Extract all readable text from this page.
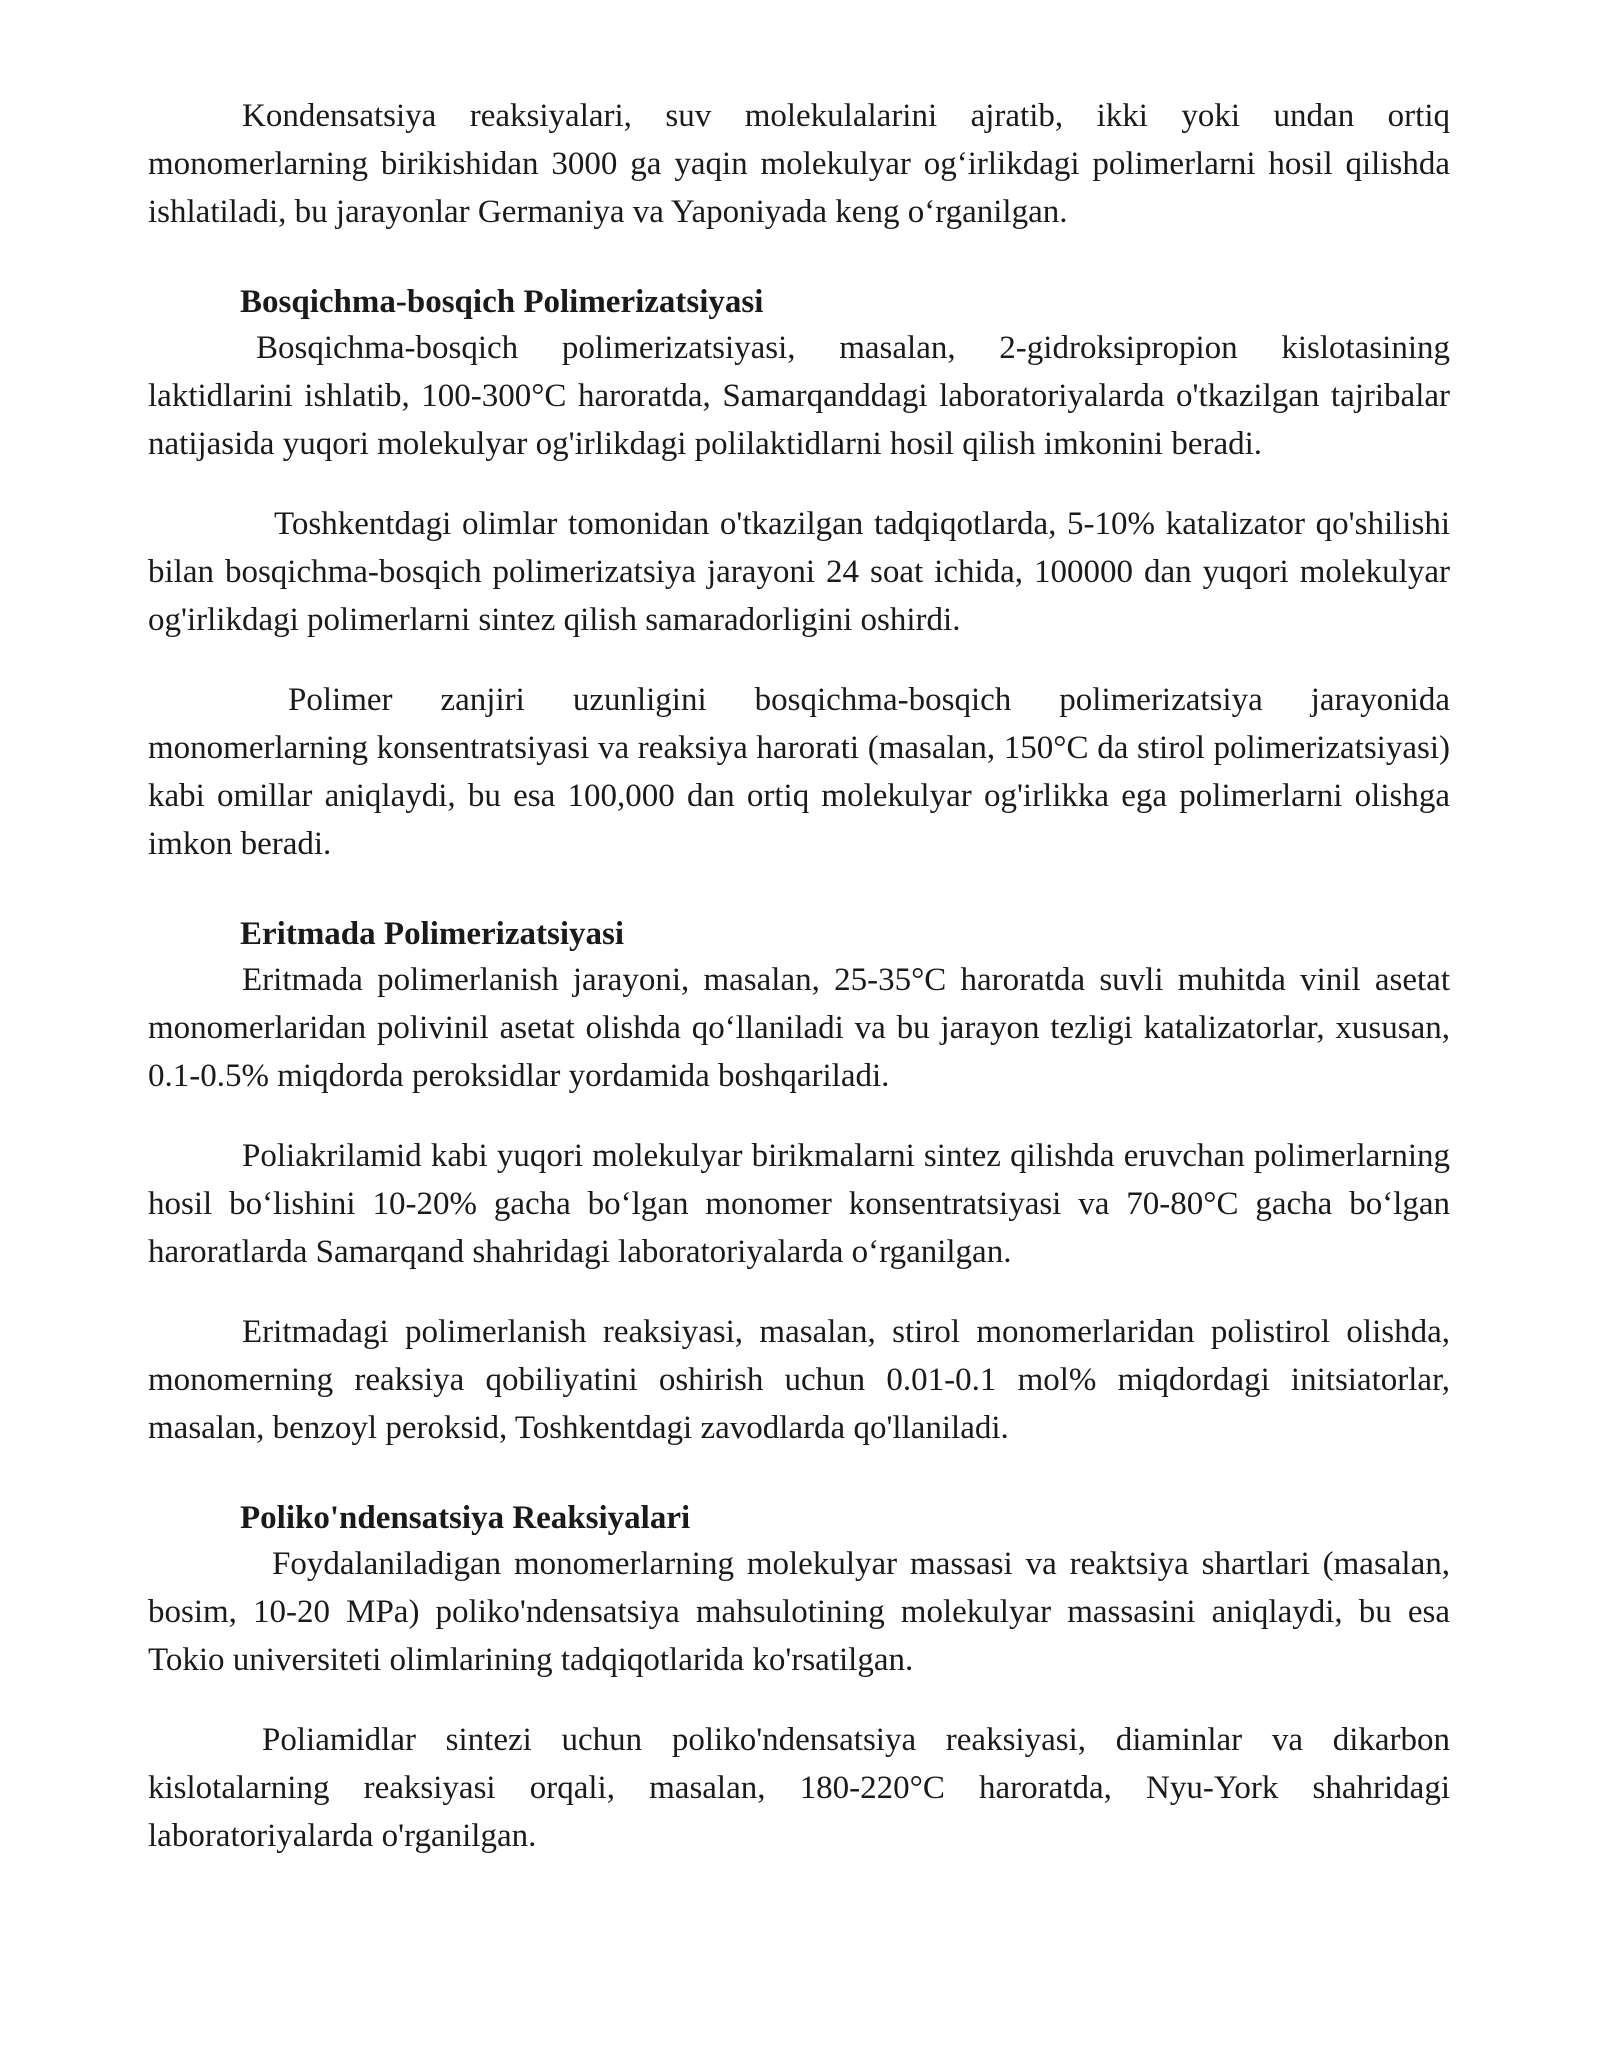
Kondensatsiya reaksiyalari, suv molekulalarini ajratib, ikki yoki undan ortiq monomerlarning birikishidan 3000 ga yaqin molekulyar og‘irlikdagi polimerlarni hosil qilishda ishlatiladi, bu jarayonlar Germaniya va Yaponiyada keng o‘rganilgan.

Bosqichma-bosqich Polimerizatsiyasi

Bosqichma-bosqich polimerizatsiyasi, masalan, 2-gidroksipropion kislotasining laktidlarini ishlatib, 100-300°C haroratda, Samarqanddagi laboratoriyalarda o'tkazilgan tajribalar natijasida yuqori molekulyar og'irlikdagi polilaktidlarni hosil qilish imkonini beradi.

Toshkentdagi olimlar tomonidan o'tkazilgan tadqiqotlarda, 5-10% katalizator qo'shilishi bilan bosqichma-bosqich polimerizatsiya jarayoni 24 soat ichida, 100000 dan yuqori molekulyar og'irlikdagi polimerlarni sintez qilish samaradorligini oshirdi.

Polimer zanjiri uzunligini bosqichma-bosqich polimerizatsiya jarayonida monomerlarning konsentratsiyasi va reaksiya harorati (masalan, 150°C da stirol polimerizatsiyasi) kabi omillar aniqlaydi, bu esa 100,000 dan ortiq molekulyar og'irlikka ega polimerlarni olishga imkon beradi.

Eritmada Polimerizatsiyasi

Eritmada polimerlanish jarayoni, masalan, 25-35°C haroratda suvli muhitda vinil asetat monomerlaridan polivinil asetat olishda qo‘llaniladi va bu jarayon tezligi katalizatorlar, xususan, 0.1-0.5% miqdorda peroksidlar yordamida boshqariladi.

Poliakrilamid kabi yuqori molekulyar birikmalarni sintez qilishda eruvchan polimerlarning hosil bo‘lishini 10-20% gacha bo‘lgan monomer konsentratsiyasi va 70-80°C gacha bo‘lgan haroratlarda Samarqand shahridagi laboratoriyalarda o‘rganilgan.

Eritmadagi polimerlanish reaksiyasi, masalan, stirol monomerlaridan polistirol olishda, monomerning reaksiya qobiliyatini oshirish uchun 0.01-0.1 mol% miqdordagi initsiatorlar, masalan, benzoyl peroksid, Toshkentdagi zavodlarda qo'llaniladi.

Poliko'ndensatsiya Reaksiyalari

Foydalaniladigan monomerlarning molekulyar massasi va reaktsiya shartlari (masalan, bosim, 10-20 MPa) poliko'ndensatsiya mahsulotining molekulyar massasini aniqlaydi, bu esa Tokio universiteti olimlarining tadqiqotlarida ko'rsatilgan.

Poliamidlar sintezi uchun poliko'ndensatsiya reaksiyasi, diaminlar va dikarbon kislotalarning reaksiyasi orqali, masalan, 180-220°C haroratda, Nyu-York shahridagi laboratoriyalarda o'rganilgan.
